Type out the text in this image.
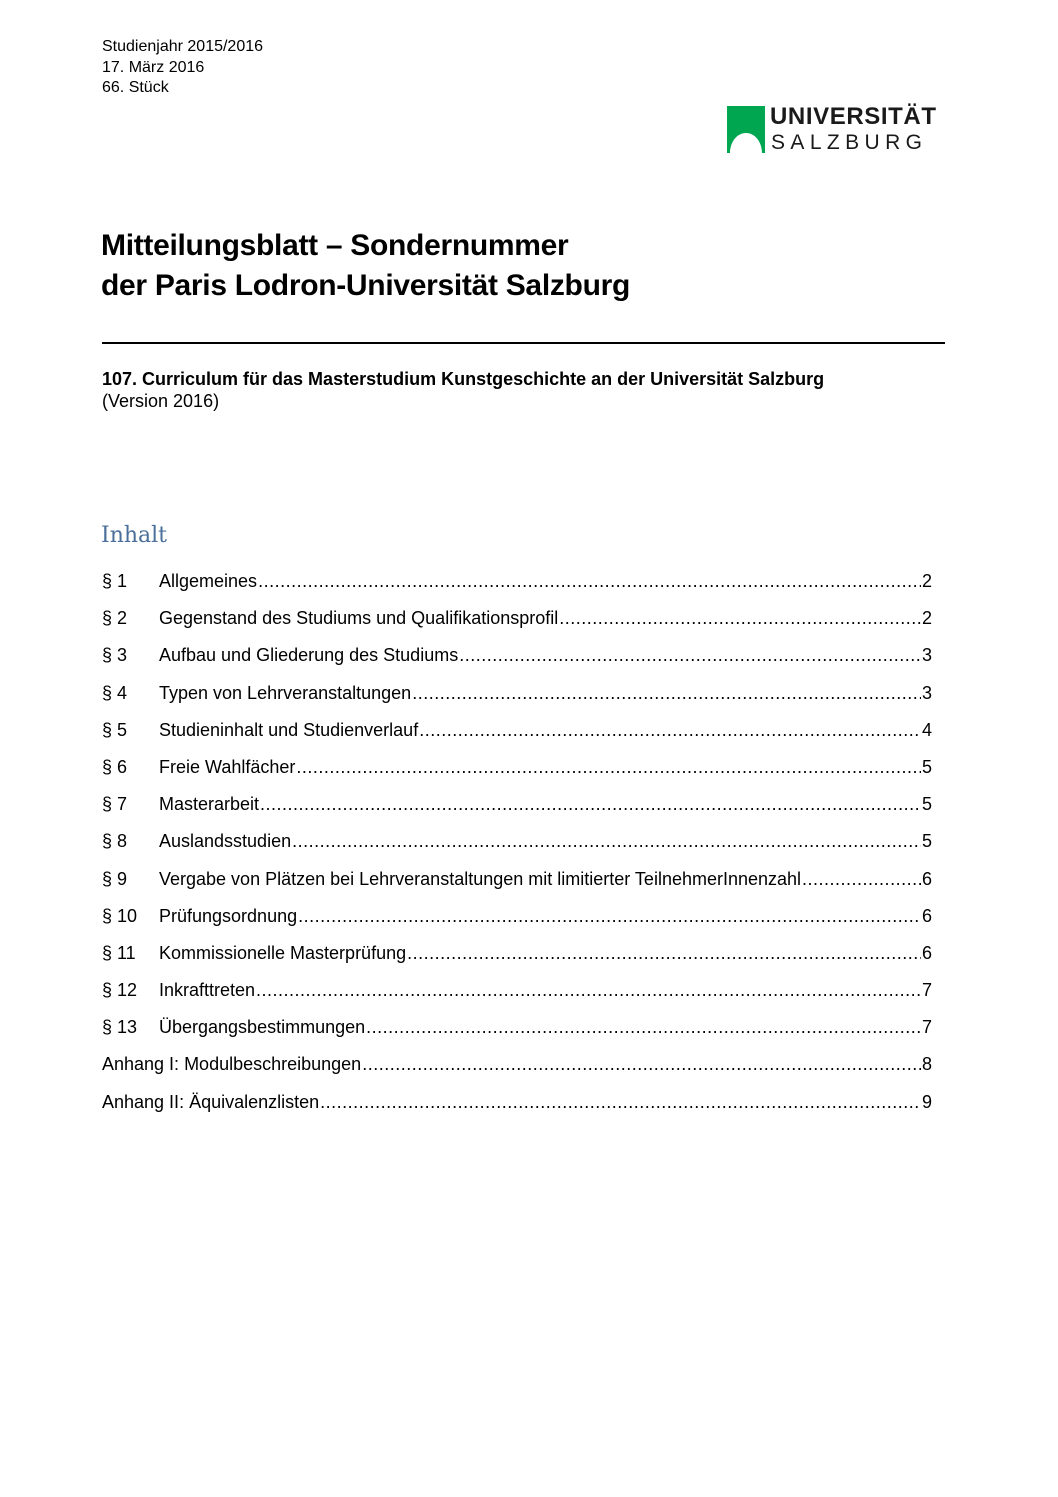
Studienjahr 2015/2016
17. März 2016
66. Stück
UNIVERSITÄT
SALZBURG
Mitteilungsblatt – Sondernummer
der Paris Lodron-Universität Salzburg
107. Curriculum für das Masterstudium Kunstgeschichte an der Universität Salzburg
(Version 2016)
Inhalt
§ 1	Allgemeines .....	2
§ 2	Gegenstand des Studiums und Qualifikationsprofil .....	2
§ 3	Aufbau und Gliederung des Studiums .....	3
§ 4	Typen von Lehrveranstaltungen .....	3
§ 5	Studieninhalt und Studienverlauf .....	4
§ 6	Freie Wahlfächer .....	5
§ 7	Masterarbeit .....	5
§ 8	Auslandsstudien .....	5
§ 9	Vergabe von Plätzen bei Lehrveranstaltungen mit limitierter TeilnehmerInnenzahl .....	6
§ 10	Prüfungsordnung .....	6
§ 11	Kommissionelle Masterprüfung .....	6
§ 12	Inkrafttreten .....	7
§ 13	Übergangsbestimmungen .....	7
Anhang I: Modulbeschreibungen .....	8
Anhang II: Äquivalenzlisten .....	9
